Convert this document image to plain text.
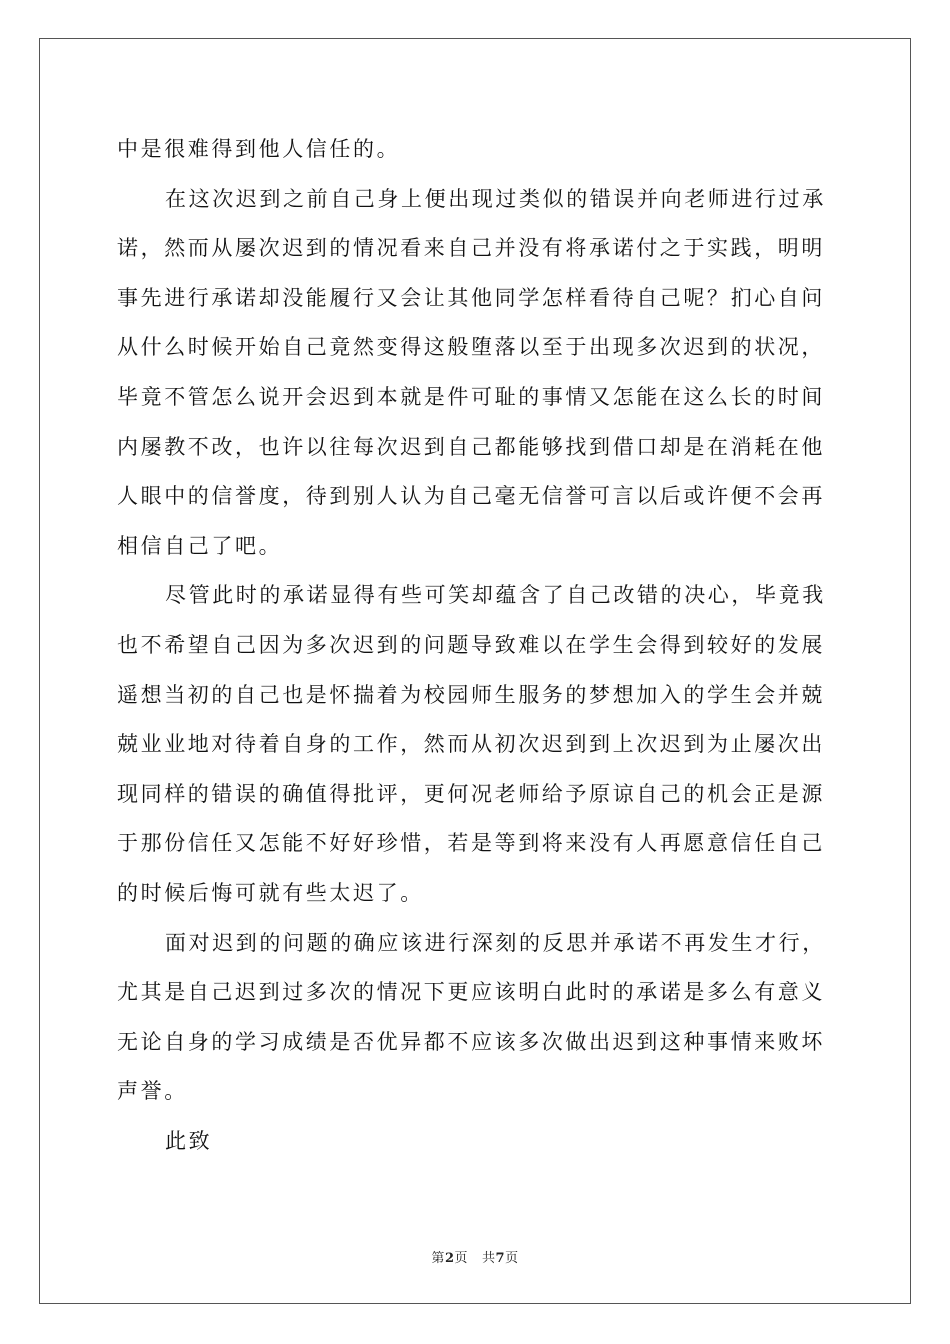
中是很难得到他人信任的。
在这次迟到之前自己身上便出现过类似的错误并向老师进行过承
诺，然而从屡次迟到的情况看来自己并没有将承诺付之于实践，明明
事先进行承诺却没能履行又会让其他同学怎样看待自己呢？扪心自问
从什么时候开始自己竟然变得这般堕落以至于出现多次迟到的状况，
毕竟不管怎么说开会迟到本就是件可耻的事情又怎能在这么长的时间
内屡教不改，也许以往每次迟到自己都能够找到借口却是在消耗在他
人眼中的信誉度，待到别人认为自己毫无信誉可言以后或许便不会再
相信自己了吧。
尽管此时的承诺显得有些可笑却蕴含了自己改错的决心，毕竟我
也不希望自己因为多次迟到的问题导致难以在学生会得到较好的发展
遥想当初的自己也是怀揣着为校园师生服务的梦想加入的学生会并兢
兢业业地对待着自身的工作，然而从初次迟到到上次迟到为止屡次出
现同样的错误的确值得批评，更何况老师给予原谅自己的机会正是源
于那份信任又怎能不好好珍惜，若是等到将来没有人再愿意信任自己
的时候后悔可就有些太迟了。
面对迟到的问题的确应该进行深刻的反思并承诺不再发生才行，
尤其是自己迟到过多次的情况下更应该明白此时的承诺是多么有意义
无论自身的学习成绩是否优异都不应该多次做出迟到这种事情来败坏
声誉。
此致
第2页 共7页
